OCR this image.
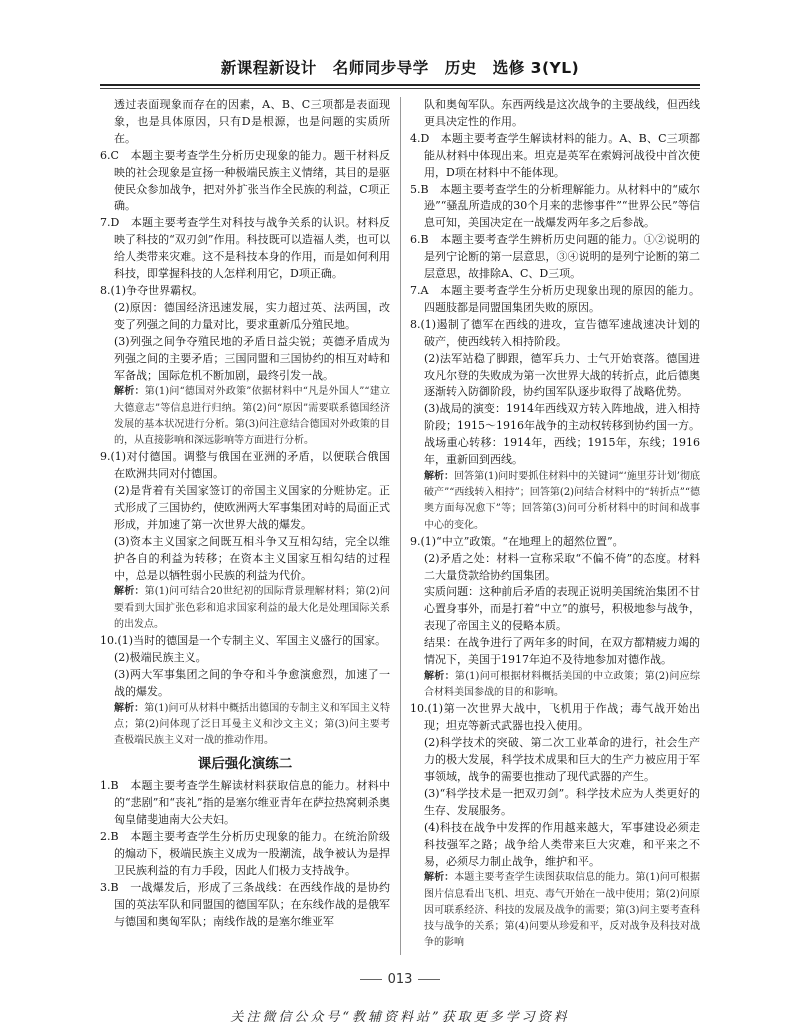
新课程新设计　名师同步导学　历史　选修 3(YL)

透过表面现象而存在的因素，A、B、C三项都是表面现象，也是具体原因，只有D是根源，也是问题的实质所在。

6.C　本题主要考查学生分析历史现象的能力。题干材料反映的社会现象是宣扬一种极端民族主义情绪，其目的是驱使民众参加战争，把对外扩张当作全民族的利益，C项正确。

7.D　本题主要考查学生对科技与战争关系的认识。材料反映了科技的“双刃剑”作用。科技既可以造福人类，也可以给人类带来灾难。这不是科技本身的作用，而是如何利用科技，即掌握科技的人怎样利用它，D项正确。

8.(1)争夺世界霸权。

(2)原因：德国经济迅速发展，实力超过英、法两国，改变了列强之间的力量对比，要求重新瓜分殖民地。

(3)列强之间争夺殖民地的矛盾日益尖锐；英德矛盾成为列强之间的主要矛盾；三国同盟和三国协约的相互对峙和军备战；国际危机不断加剧，最终引发一战。

解析：第(1)问“德国对外政策”依据材料中“凡是外国人”“建立大德意志”等信息进行归纳。第(2)问“原因”需要联系德国经济发展的基本状况进行分析。第(3)问注意结合德国对外政策的目的，从直接影响和深远影响等方面进行分析。

9.(1)对付德国。调整与俄国在亚洲的矛盾，以便联合俄国在欧洲共同对付德国。

(2)是背着有关国家签订的帝国主义国家的分赃协定。正式形成了三国协约，使欧洲两大军事集团对峙的局面正式形成，并加速了第一次世界大战的爆发。

(3)资本主义国家之间既互相斗争又互相勾结，完全以维护各自的利益为转移；在资本主义国家互相勾结的过程中，总是以牺牲弱小民族的利益为代价。

解析：第(1)问可结合20世纪初的国际背景理解材料；第(2)问要看到大国扩张色彩和追求国家利益的最大化是处理国际关系的出发点。

10.(1)当时的德国是一个专制主义、军国主义盛行的国家。

(2)极端民族主义。

(3)两大军事集团之间的争夺和斗争愈演愈烈，加速了一战的爆发。

解析：第(1)问可从材料中概括出德国的专制主义和军国主义特点；第(2)问体现了泛日耳曼主义和沙文主义；第(3)问主要考查极端民族主义对一战的推动作用。

课后强化演练二

1.B　本题主要考查学生解读材料获取信息的能力。材料中的“悲剧”和“丧礼”指的是塞尔维亚青年在萨拉热窝刺杀奥匈皇储斐迪南大公夫妇。

2.B　本题主要考查学生分析历史现象的能力。在统治阶级的煽动下，极端民族主义成为一股潮流，战争被认为是捍卫民族利益的有力手段，因此人们极力支持战争。

3.B　一战爆发后，形成了三条战线：在西线作战的是协约国的英法军队和同盟国的德国军队；在东线作战的是俄军与德国和奥匈军队；南线作战的是塞尔维亚军

队和奥匈军队。东西两线是这次战争的主要战线，但西线更具决定性的作用。

4.D　本题主要考查学生解读材料的能力。A、B、C三项都能从材料中体现出来。坦克是英军在索姆河战役中首次使用，D项在材料中不能体现。

5.B　本题主要考查学生的分析理解能力。从材料中的“威尔逊”“骚乱所造成的30个月来的悲惨事件”“世界公民”等信息可知，美国决定在一战爆发两年多之后参战。

6.B　本题主要考查学生辨析历史问题的能力。①②说明的是列宁论断的第一层意思，③④说明的是列宁论断的第二层意思，故排除A、C、D三项。

7.A　本题主要考查学生分析历史现象出现的原因的能力。四题肢都是同盟国集团失败的原因。

8.(1)遏制了德军在西线的进攻，宣告德军速战速决计划的破产，使西线转入相持阶段。

(2)法军站稳了脚跟，德军兵力、士气开始衰落。德国进攻凡尔登的失败成为第一次世界大战的转折点，此后德奥逐渐转入防御阶段，协约国军队逐步取得了战略优势。

(3)战局的演变：1914年西线双方转入阵地战，进入相持阶段；1915～1916年战争的主动权转移到协约国一方。战场重心转移：1914年，西线；1915年，东线；1916年，重新回到西线。

解析：回答第(1)问时要抓住材料中的关键词“‘施里芬计划’彻底破产”“西线转入相持”；回答第(2)问结合材料中的“转折点”“德奥方面每况愈下”等；回答第(3)问可分析材料中的时间和战事中心的变化。

9.(1)“中立”政策。“在地理上的超然位置”。

(2)矛盾之处：材料一宣称采取“不偏不倚”的态度。材料二大量贷款给协约国集团。

实质问题：这种前后矛盾的表现正说明美国统治集团不甘心置身事外，而是打着“中立”的旗号，积极地参与战争，表现了帝国主义的侵略本质。

结果：在战争进行了两年多的时间，在双方都精疲力竭的情况下，美国于1917年迫不及待地参加对德作战。

解析：第(1)问可根据材料概括美国的中立政策；第(2)问应综合材料美国参战的目的和影响。

10.(1)第一次世界大战中，飞机用于作战；毒气战开始出现；坦克等新式武器也投入使用。

(2)科学技术的突破、第二次工业革命的进行，社会生产力的极大发展，科学技术成果和巨大的生产力被应用于军事领域，战争的需要也推动了现代武器的产生。

(3)“科学技术是一把双刃剑”。科学技术应为人类更好的生存、发展服务。

(4)科技在战争中发挥的作用越来越大，军事建设必须走科技强军之路；战争给人类带来巨大灾难，和平来之不易，必须尽力制止战争，维护和平。

解析：本题主要考查学生读图获取信息的能力。第(1)问可根据图片信息看出飞机、坦克、毒气开始在一战中使用；第(2)问原因可联系经济、科技的发展及战争的需要；第(3)问主要考查科技与战争的关系；第(4)问要从珍爱和平，反对战争及科技对战争的影响

013
关注微信公众号“教辅资料站”获取更多学习资料
